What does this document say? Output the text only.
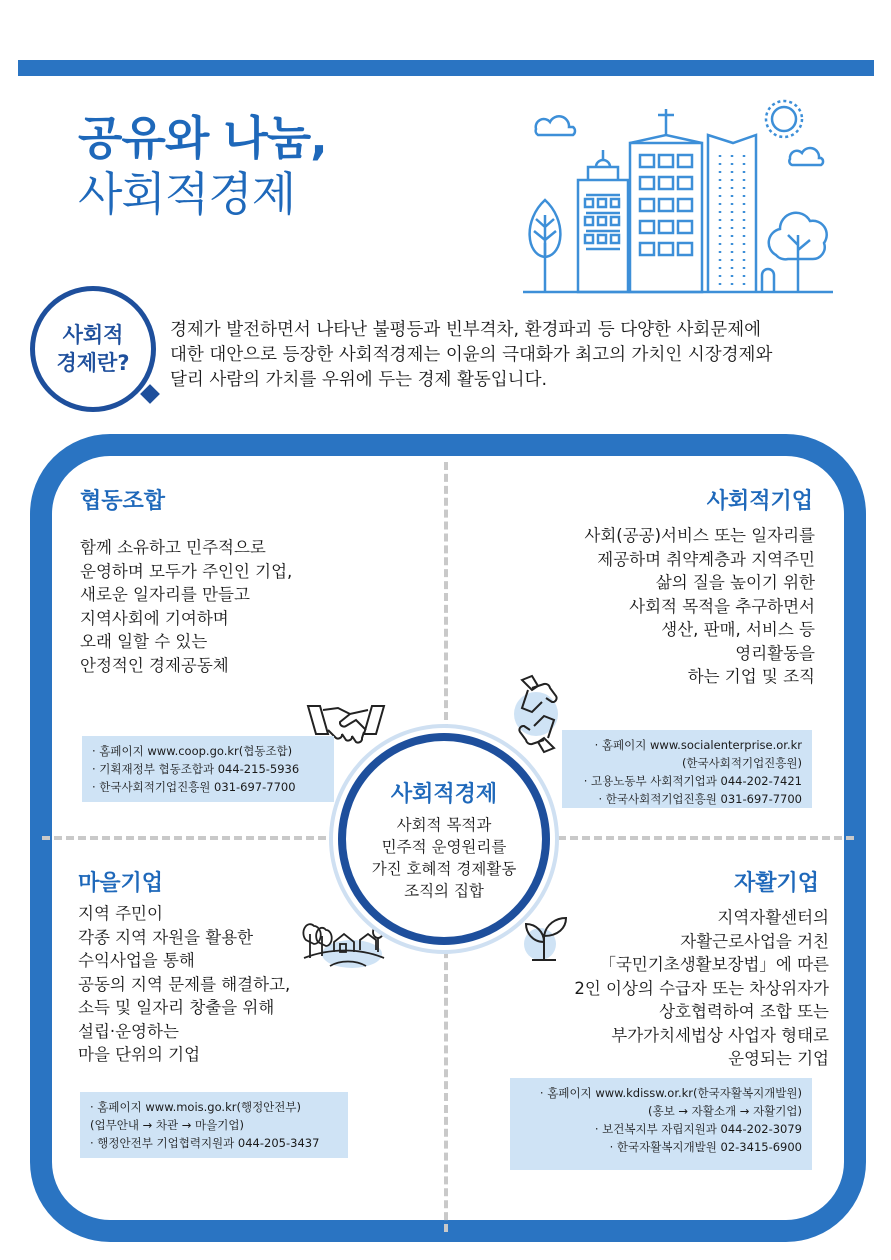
공유와 나눔,
사회적경제
사회적
경제란?
경제가 발전하면서 나타난 불평등과 빈부격차, 환경파괴 등 다양한 사회문제에
대한 대안으로 등장한 사회적경제는 이윤의 극대화가 최고의 가치인 시장경제와
달리 사람의 가치를 우위에 두는 경제 활동입니다.
협동조합
함께 소유하고 민주적으로
운영하며 모두가 주인인 기업,
새로운 일자리를 만들고
지역사회에 기여하며
오래 일할 수 있는
안정적인 경제공동체
· 홈페이지 www.coop.go.kr(협동조합)
· 기획재정부 협동조합과 044-215-5936
· 한국사회적기업진흥원 031-697-7700
사회적기업
사회(공공)서비스 또는 일자리를
제공하며 취약계층과 지역주민
삶의 질을 높이기 위한
사회적 목적을 추구하면서
생산, 판매, 서비스 등
영리활동을
하는 기업 및 조직
· 홈페이지 www.socialenterprise.or.kr
(한국사회적기업진흥원)
· 고용노동부 사회적기업과 044-202-7421
· 한국사회적기업진흥원 031-697-7700
마을기업
지역 주민이
각종 지역 자원을 활용한
수익사업을 통해
공동의 지역 문제를 해결하고,
소득 및 일자리 창출을 위해
설립·운영하는
마을 단위의 기업
· 홈페이지 www.mois.go.kr(행정안전부)
(업무안내 → 차관 → 마을기업)
· 행정안전부 기업협력지원과 044-205-3437
자활기업
지역자활센터의
자활근로사업을 거친
「국민기초생활보장법」에 따른
2인 이상의 수급자 또는 차상위자가
상호협력하여 조합 또는
부가가치세법상 사업자 형태로
운영되는 기업
· 홈페이지 www.kdissw.or.kr(한국자활복지개발원)
(홍보 → 자활소개 → 자활기업)
· 보건복지부 자립지원과 044-202-3079
· 한국자활복지개발원 02-3415-6900
사회적경제
사회적 목적과
민주적 운영원리를
가진 호혜적 경제활동
조직의 집합
